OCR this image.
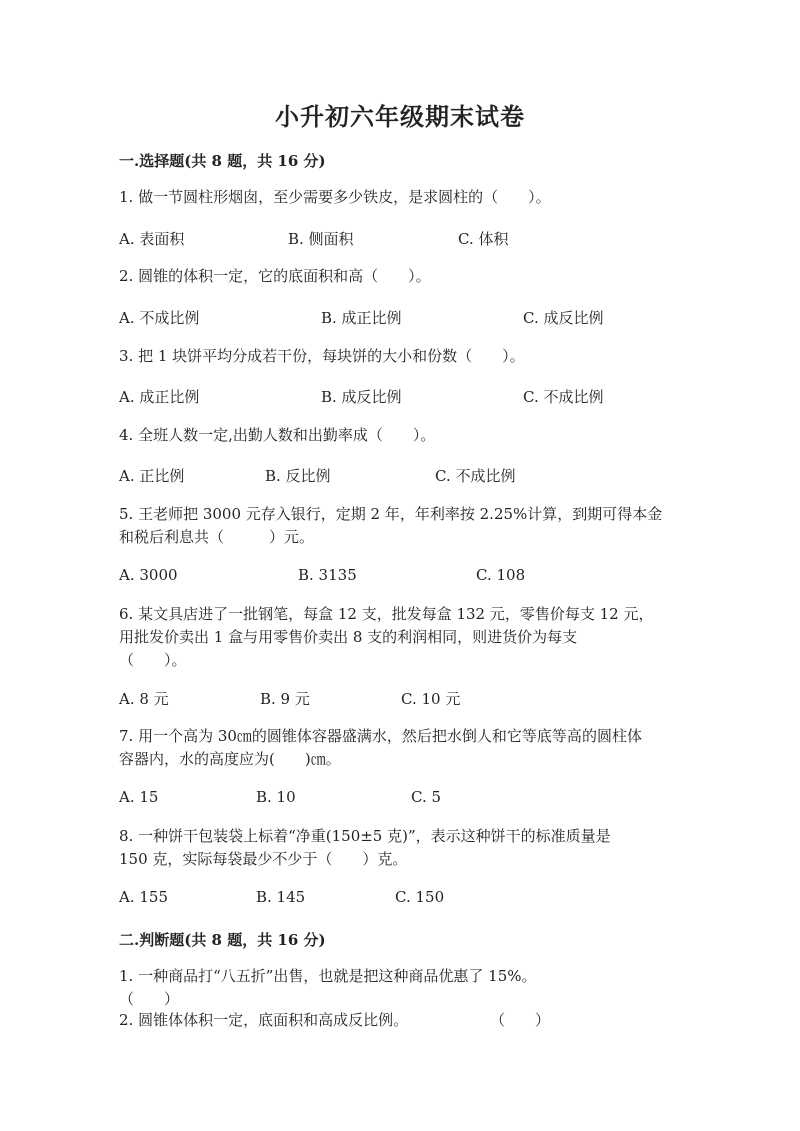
小升初六年级期末试卷
一.选择题(共 8 题，共 16 分)
1. 做一节圆柱形烟囱，至少需要多少铁皮，是求圆柱的（　　）。
A. 表面积	B. 侧面积	C. 体积
2. 圆锥的体积一定，它的底面积和高（　　）。
A. 不成比例	B. 成正比例	C. 成反比例
3. 把 1 块饼平均分成若干份，每块饼的大小和份数（　　）。
A. 成正比例	B. 成反比例	C. 不成比例
4. 全班人数一定,出勤人数和出勤率成（　　）。
A. 正比例	B. 反比例	C. 不成比例
5. 王老师把 3000 元存入银行，定期 2 年，年利率按 2.25%计算，到期可得本金
和税后利息共（　　　）元。
A. 3000	B. 3135	C. 108
6. 某文具店进了一批钢笔，每盒 12 支，批发每盒 132 元，零售价每支 12 元，
用批发价卖出 1 盒与用零售价卖出 8 支的利润相同，则进货价为每支
（　　）。
A. 8 元	B. 9 元	C. 10 元
7. 用一个高为 30㎝的圆锥体容器盛满水，然后把水倒人和它等底等高的圆柱体
容器内，水的高度应为(　　)㎝。
A. 15	B. 10	C. 5
8. 一种饼干包装袋上标着“净重(150±5 克)”，表示这种饼干的标准质量是
150 克，实际每袋最少不少于（　　）克。
A. 155	B. 145	C. 150
二.判断题(共 8 题，共 16 分)
1. 一种商品打“八五折”出售，也就是把这种商品优惠了 15%。
（　　）
2. 圆锥体体积一定，底面积和高成反比例。	（　　）
